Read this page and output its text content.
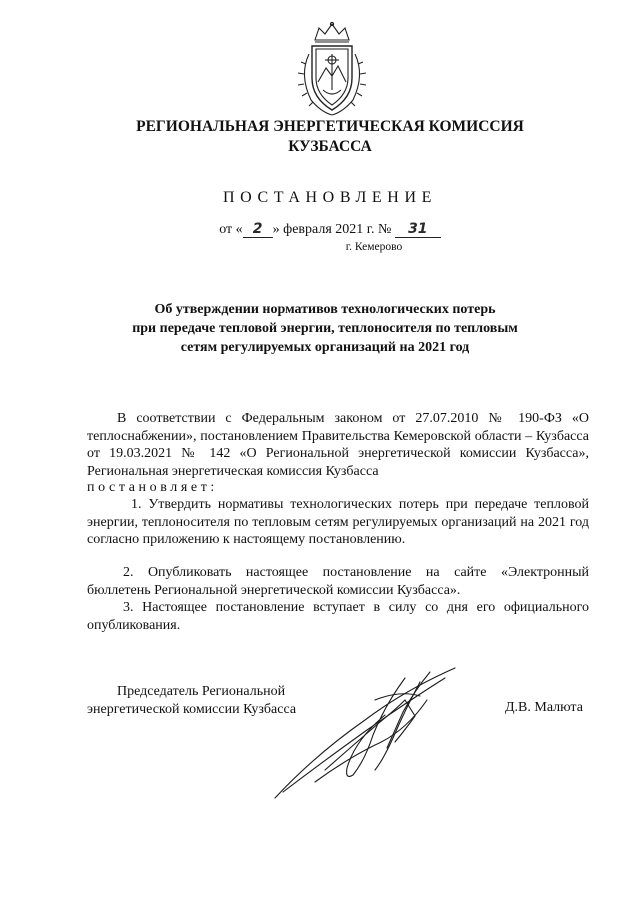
РЕГИОНАЛЬНАЯ ЭНЕРГЕТИЧЕСКАЯ КОМИССИЯ
КУЗБАССА
ПОСТАНОВЛЕНИЕ
от « 2 » февраля 2021 г. № 31
г. Кемерово
Об утверждении нормативов технологических потерь
при передаче тепловой энергии, теплоносителя по тепловым
сетям регулируемых организаций на 2021 год
В соответствии с Федеральным законом от 27.07.2010 № 190-ФЗ «О теплоснабжении», постановлением Правительства Кемеровской области – Кузбасса от 19.03.2021 № 142 «О Региональной энергетической комиссии Кузбасса», Региональная энергетическая комиссия Кузбасса
постановляет:
1. Утвердить нормативы технологических потерь при передаче тепловой энергии, теплоносителя по тепловым сетям регулируемых организаций на 2021 год согласно приложению к настоящему постановлению.
2. Опубликовать настоящее постановление на сайте «Электронный бюллетень Региональной энергетической комиссии Кузбасса».
3. Настоящее постановление вступает в силу со дня его официального опубликования.
Председатель Региональной
энергетической комиссии Кузбасса	Д.В. Малюта
